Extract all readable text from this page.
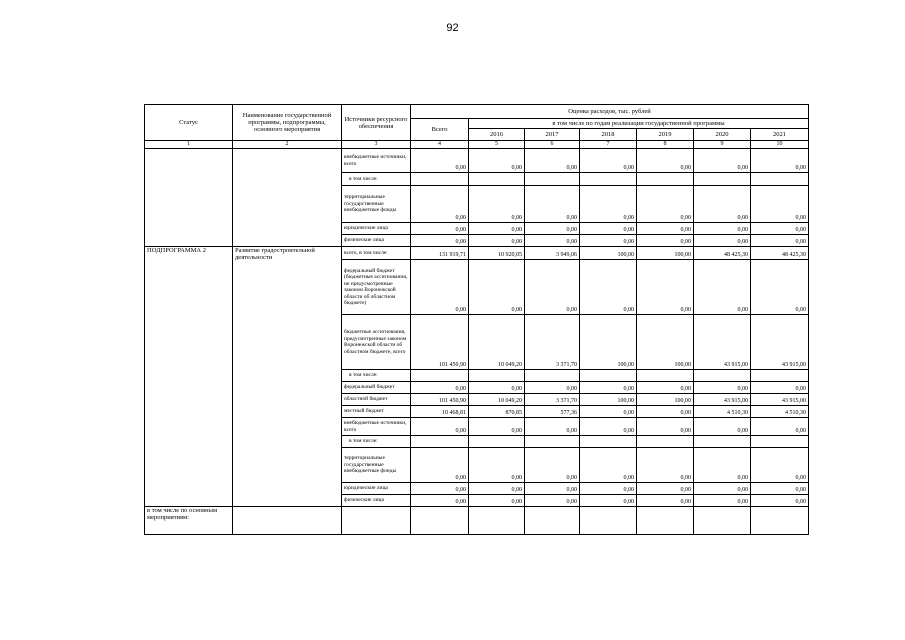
92
Статус	Наименование государственной программы, подпрограммы, основного мероприятия	Источники ресурсного обеспечения	Оценка расходов, тыс. рублей						
			Всего	в том числе по годам реализации государственной программы					
				2016	2017	2018	2019	2020	2021
1	2	3	4	5	6	7	8	9	10
		внебюджетные источники, всего	0,00	0,00	0,00	0,00	0,00	0,00	0,00
		в том числе:							
		территориальные государственные внебюджетные фонды	0,00	0,00	0,00	0,00	0,00	0,00	0,00
		юридические лица	0,00	0,00	0,00	0,00	0,00	0,00	0,00
		физические лица	0,00	0,00	0,00	0,00	0,00	0,00	0,00
ПОДПРОГРАММА 2	Развитие градостроительной деятельности	всего, в том числе:	131 919,71	10 920,05	3 949,06	100,00	100,00	48 425,30	48 425,30
		федеральный бюджет (бюджетные ассигнования, не предусмотренные законом Воронежской области об областном бюджете)	0,00	0,00	0,00	0,00	0,00	0,00	0,00
		бюджетные ассигнования, предусмотренные законом Воронежской области об областном бюджете, всего	101 450,90	10 049,20	3 371,70	100,00	100,00	43 915,00	43 915,00
		в том числе:							
		федеральный бюджет	0,00	0,00	0,00	0,00	0,00	0,00	0,00
		областной бюджет	101 450,90	10 049,20	3 371,70	100,00	100,00	43 915,00	43 915,00
		местный бюджет	10 468,81	870,85	577,36	0,00	0,00	4 510,30	4 510,30
		внебюджетные источники, всего	0,00	0,00	0,00	0,00	0,00	0,00	0,00
		в том числе:							
		территориальные государственные внебюджетные фонды	0,00	0,00	0,00	0,00	0,00	0,00	0,00
		юридические лица	0,00	0,00	0,00	0,00	0,00	0,00	0,00
		физические лица	0,00	0,00	0,00	0,00	0,00	0,00	0,00
в том числе по основным мероприятиям:									
